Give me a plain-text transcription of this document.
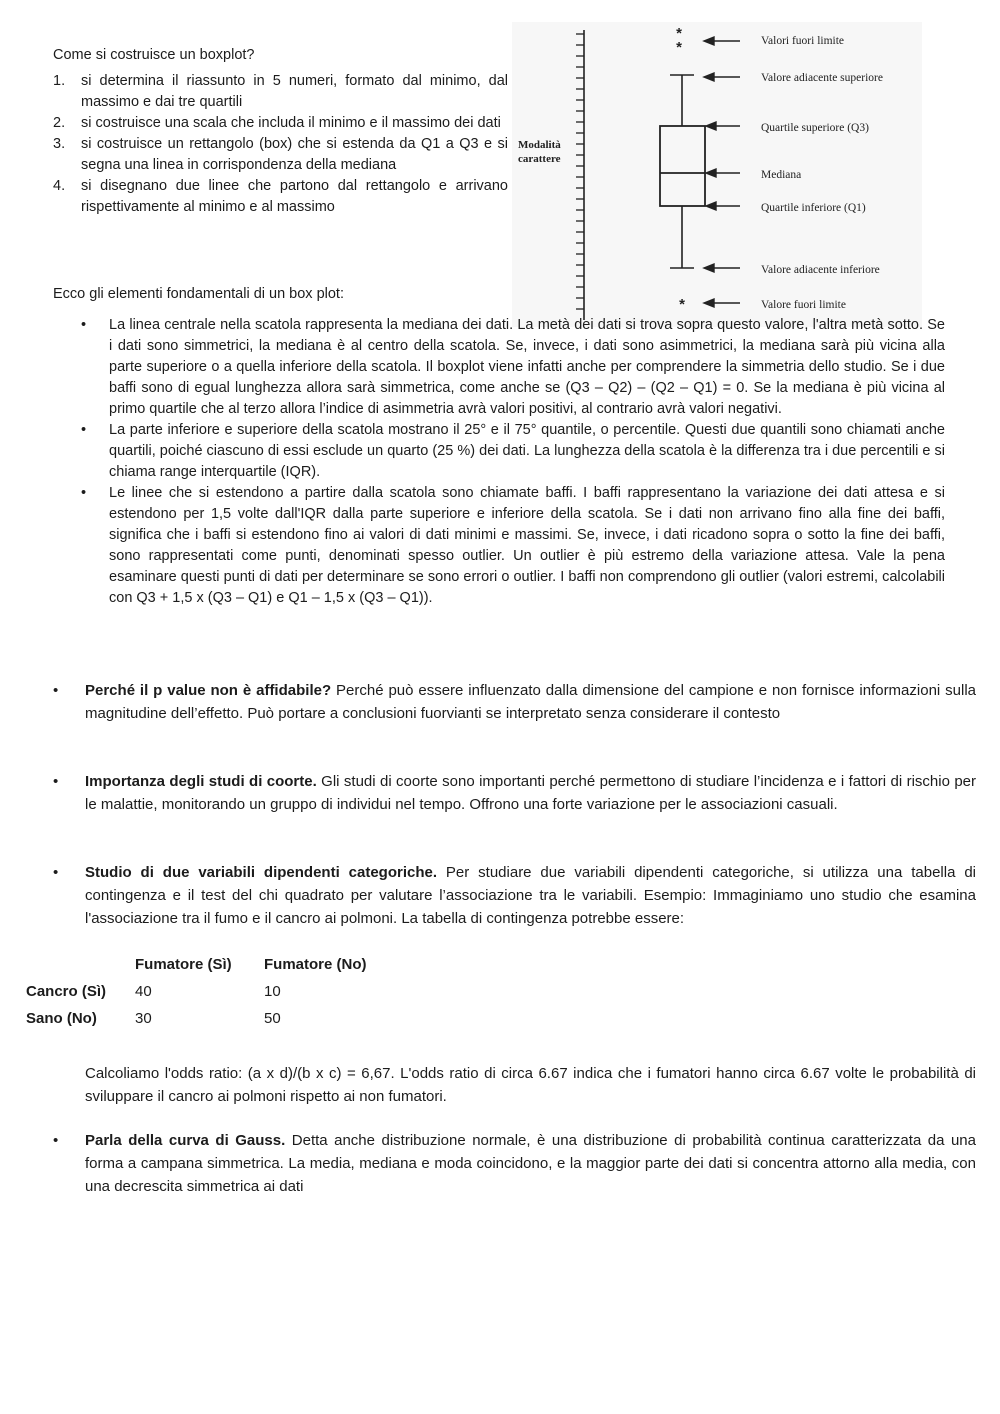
Come si costruisce un boxplot?
1. si determina il riassunto in 5 numeri, formato dal minimo, dal massimo e dai tre quartili
2. si costruisce una scala che includa il minimo e il massimo dei dati
3. si costruisce un rettangolo (box) che si estenda da Q1 a Q3 e si segna una linea in corrispondenza della mediana
4. si disegnano due linee che partono dal rettangolo e arrivano rispettivamente al minimo e al massimo
Ecco gli elementi fondamentali di un box plot:
Modalità
carattere
*
*
*
Valori fuori limite
Valore adiacente superiore
Quartile superiore (Q3)
Mediana
Quartile inferiore (Q1)
Valore adiacente inferiore
Valore fuori limite
• La linea centrale nella scatola rappresenta la mediana dei dati. La metà dei dati si trova sopra questo valore, l'altra metà sotto. Se i dati sono simmetrici, la mediana è al centro della scatola. Se, invece, i dati sono asimmetrici, la mediana sarà più vicina alla parte superiore o a quella inferiore della scatola. Il boxplot viene infatti anche per comprendere la simmetria dello studio. Se i due baffi sono di egual lunghezza allora sarà simmetrica, come anche se (Q3 – Q2) – (Q2 – Q1) = 0. Se la mediana è più vicina al primo quartile che al terzo allora l’indice di asimmetria avrà valori positivi, al contrario avrà valori negativi.
• La parte inferiore e superiore della scatola mostrano il 25° e il 75° quantile, o percentile. Questi due quantili sono chiamati anche quartili, poiché ciascuno di essi esclude un quarto (25 %) dei dati. La lunghezza della scatola è la differenza tra i due percentili e si chiama range interquartile (IQR).
• Le linee che si estendono a partire dalla scatola sono chiamate baffi. I baffi rappresentano la variazione dei dati attesa e si estendono per 1,5 volte dall'IQR dalla parte superiore e inferiore della scatola. Se i dati non arrivano fino alla fine dei baffi, significa che i baffi si estendono fino ai valori di dati minimi e massimi. Se, invece, i dati ricadono sopra o sotto la fine dei baffi, sono rappresentati come punti, denominati spesso outlier. Un outlier è più estremo della variazione attesa. Vale la pena esaminare questi punti di dati per determinare se sono errori o outlier. I baffi non comprendono gli outlier (valori estremi, calcolabili con Q3 + 1,5 x (Q3 – Q1) e Q1 – 1,5 x (Q3 – Q1)).
• Perché il p value non è affidabile? Perché può essere influenzato dalla dimensione del campione e non fornisce informazioni sulla magnitudine dell’effetto. Può portare a conclusioni fuorvianti se interpretato senza considerare il contesto
• Importanza degli studi di coorte. Gli studi di coorte sono importanti perché permettono di studiare l’incidenza e i fattori di rischio per le malattie, monitorando un gruppo di individui nel tempo. Offrono una forte variazione per le associazioni casuali.
• Studio di due variabili dipendenti categoriche. Per studiare due variabili dipendenti categoriche, si utilizza una tabella di contingenza e il test del chi quadrato per valutare l’associazione tra le variabili. Esempio: Immaginiamo uno studio che esamina l'associazione tra il fumo e il cancro ai polmoni. La tabella di contingenza potrebbe essere:
	Fumatore (Sì)	Fumatore (No)
Cancro (Sì)	40	10
Sano (No)	30	50
Calcoliamo l'odds ratio: (a x d)/(b x c) = 6,67. L'odds ratio di circa 6.67 indica che i fumatori hanno circa 6.67 volte le probabilità di sviluppare il cancro ai polmoni rispetto ai non fumatori.
• Parla della curva di Gauss. Detta anche distribuzione normale, è una distribuzione di probabilità continua caratterizzata da una forma a campana simmetrica. La media, mediana e moda coincidono, e la maggior parte dei dati si concentra attorno alla media, con una decrescita simmetrica ai dati
